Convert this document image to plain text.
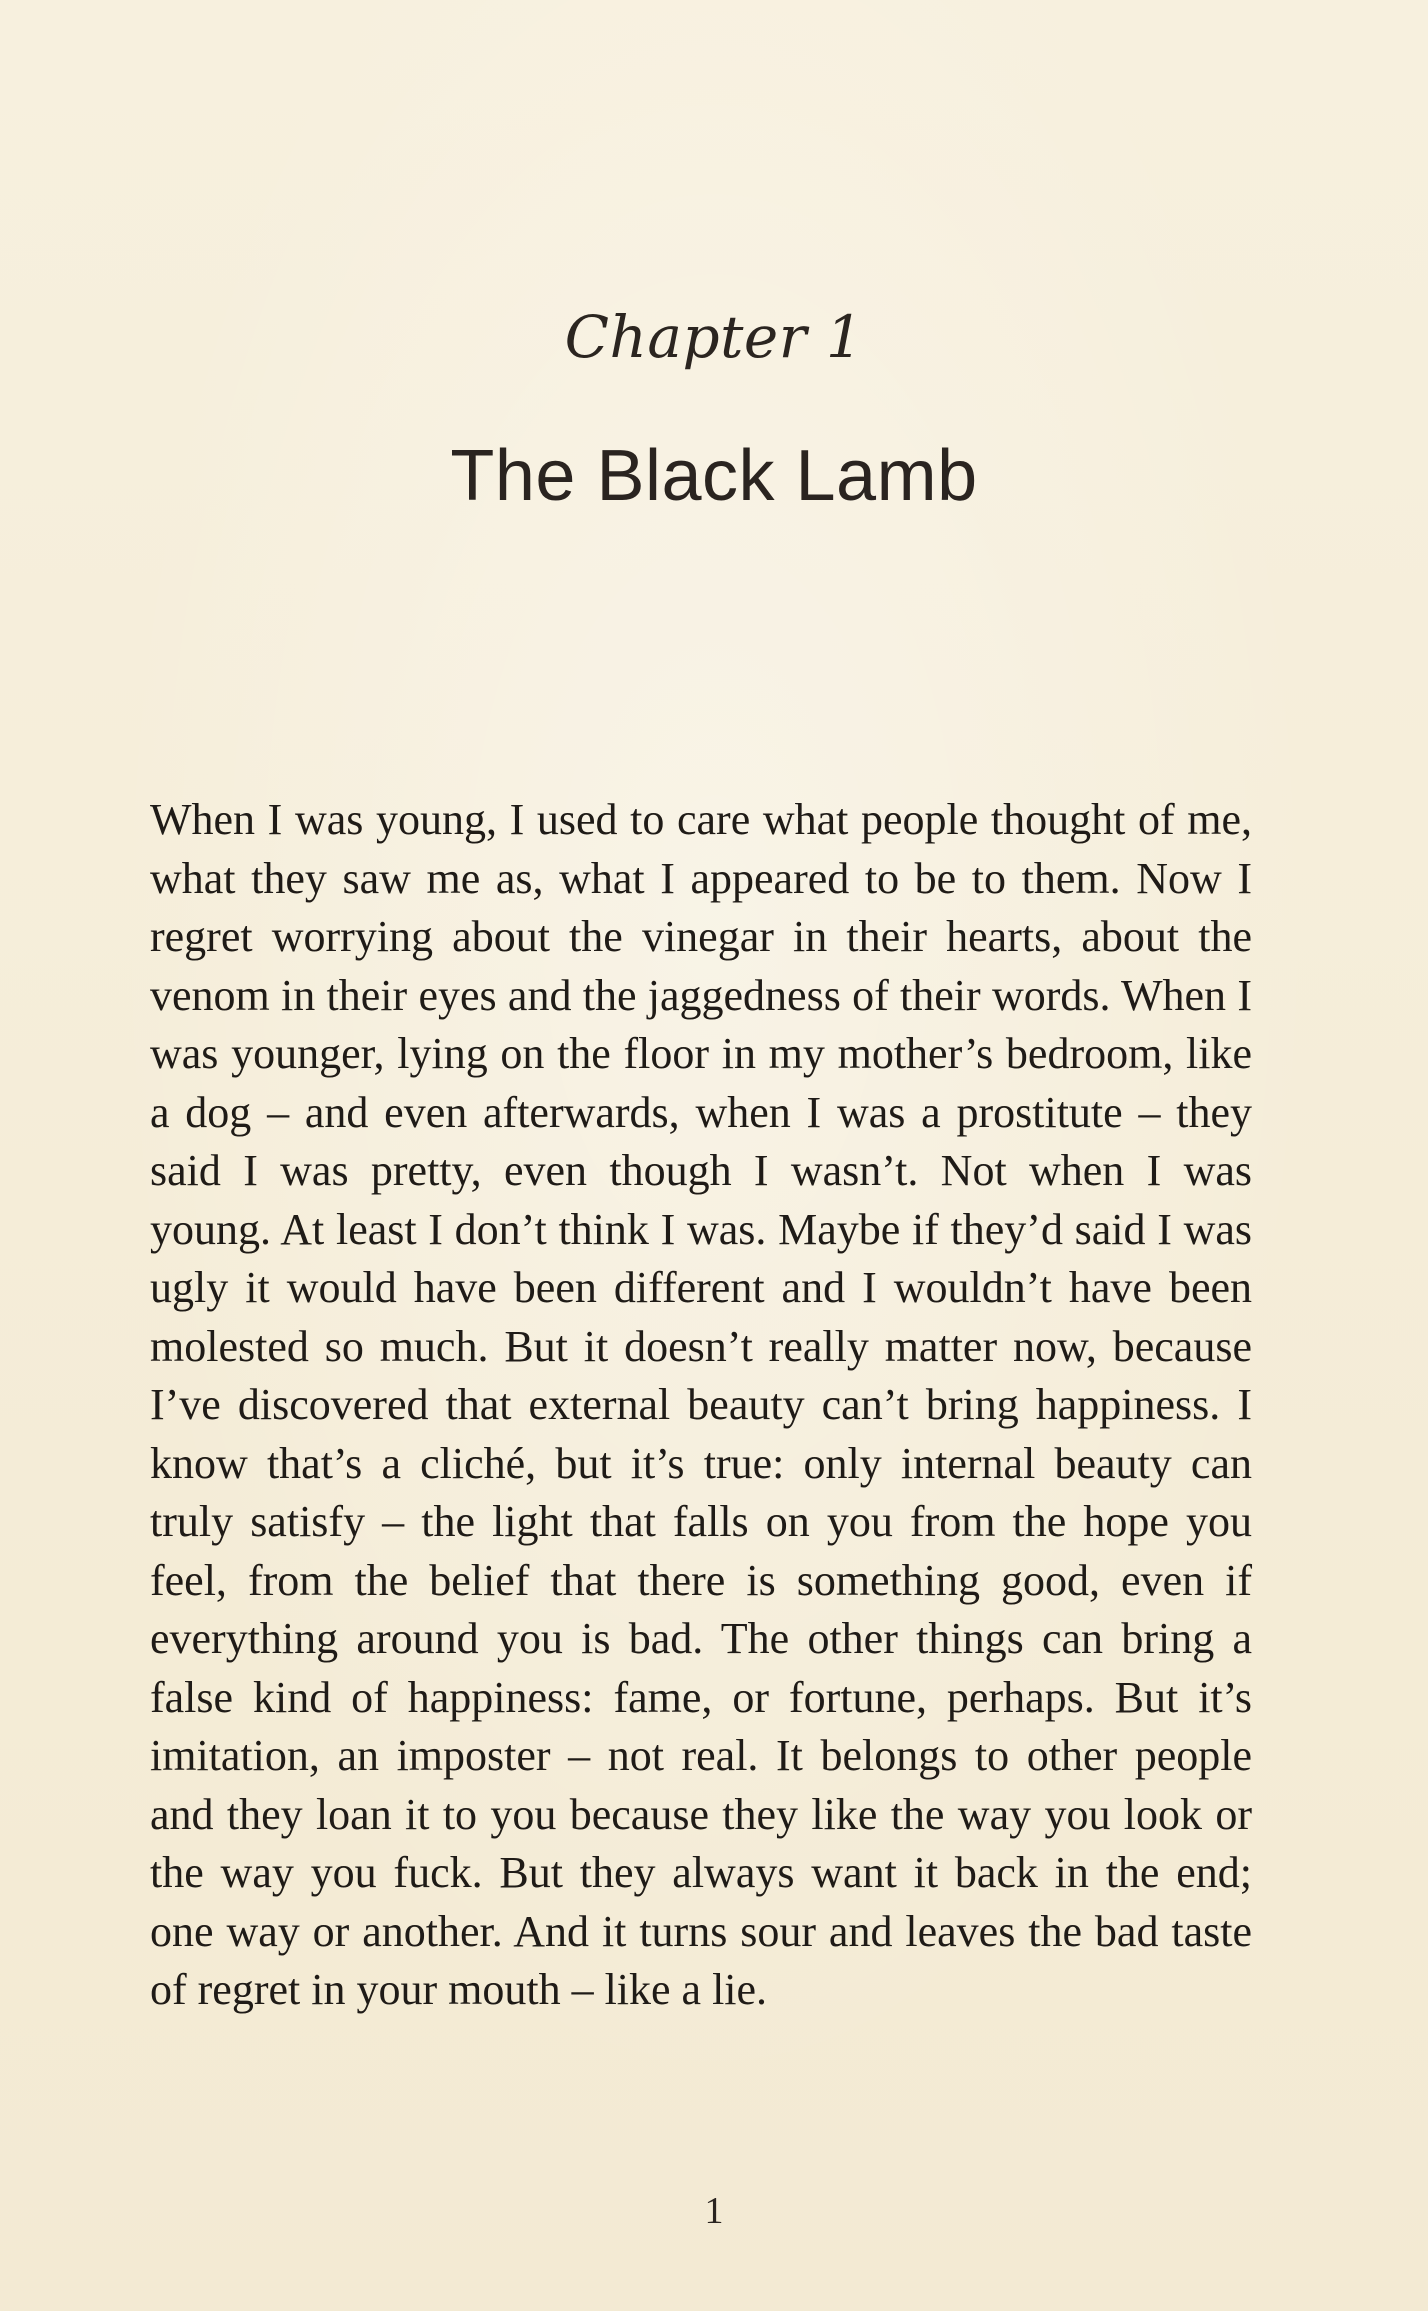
Chapter 1
The Black Lamb

When I was young, I used to care what people thought of me, what they saw me as, what I appeared to be to them. Now I regret worrying about the vinegar in their hearts, about the venom in their eyes and the jaggedness of their words. When I was younger, lying on the floor in my mother’s bedroom, like a dog – and even afterwards, when I was a prostitute – they said I was pretty, even though I wasn’t. Not when I was young. At least I don’t think I was. Maybe if they’d said I was ugly it would have been different and I wouldn’t have been molested so much. But it doesn’t really matter now, because I’ve discovered that external beauty can’t bring happiness. I know that’s a cliché, but it’s true: only internal beauty can truly satisfy – the light that falls on you from the hope you feel, from the belief that there is something good, even if everything around you is bad. The other things can bring a false kind of happiness: fame, or fortune, perhaps. But it’s imitation, an imposter – not real. It belongs to other people and they loan it to you because they like the way you look or the way you fuck. But they always want it back in the end; one way or another. And it turns sour and leaves the bad taste of regret in your mouth – like a lie.

1
